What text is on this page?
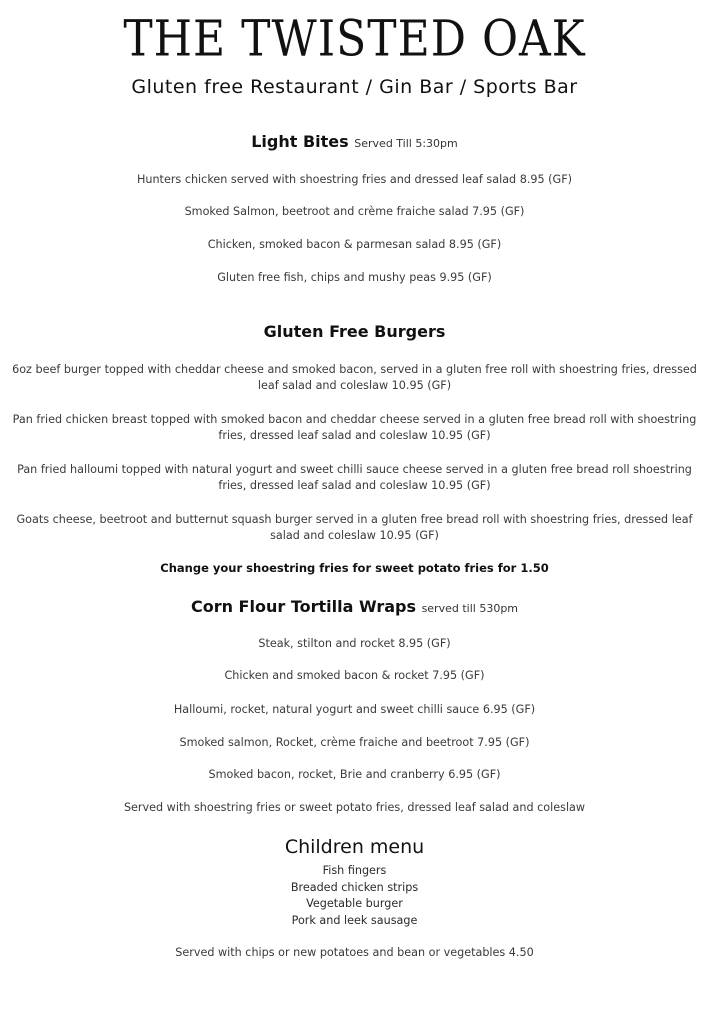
THE TWISTED OAK
Gluten free Restaurant / Gin Bar / Sports Bar
Light Bites Served Till 5:30pm
Hunters chicken served with shoestring fries and dressed leaf salad 8.95 (GF)
Smoked Salmon, beetroot and crème fraiche salad 7.95 (GF)
Chicken, smoked bacon & parmesan salad 8.95 (GF)
Gluten free fish, chips and mushy peas 9.95 (GF)
Gluten Free Burgers
6oz beef burger topped with cheddar cheese and smoked bacon, served in a gluten free roll with shoestring fries, dressed leaf salad and coleslaw 10.95 (GF)
Pan fried chicken breast topped with smoked bacon and cheddar cheese served in a gluten free bread roll with shoestring fries, dressed leaf salad and coleslaw 10.95 (GF)
Pan fried halloumi topped with natural yogurt and sweet chilli sauce cheese served in a gluten free bread roll shoestring fries, dressed leaf salad and coleslaw 10.95 (GF)
Goats cheese, beetroot and butternut squash burger served in a gluten free bread roll with shoestring fries, dressed leaf salad and coleslaw 10.95 (GF)
Change your shoestring fries for sweet potato fries for 1.50
Corn Flour Tortilla Wraps served till 530pm
Steak, stilton and rocket 8.95 (GF)
Chicken and smoked bacon & rocket 7.95 (GF)
Halloumi, rocket, natural yogurt and sweet chilli sauce 6.95 (GF)
Smoked salmon, Rocket, crème fraiche and beetroot 7.95 (GF)
Smoked bacon, rocket, Brie and cranberry 6.95 (GF)
Served with shoestring fries or sweet potato fries, dressed leaf salad and coleslaw
Children menu
Fish fingers
Breaded chicken strips
Vegetable burger
Pork and leek sausage
Served with chips or new potatoes and bean or vegetables 4.50
